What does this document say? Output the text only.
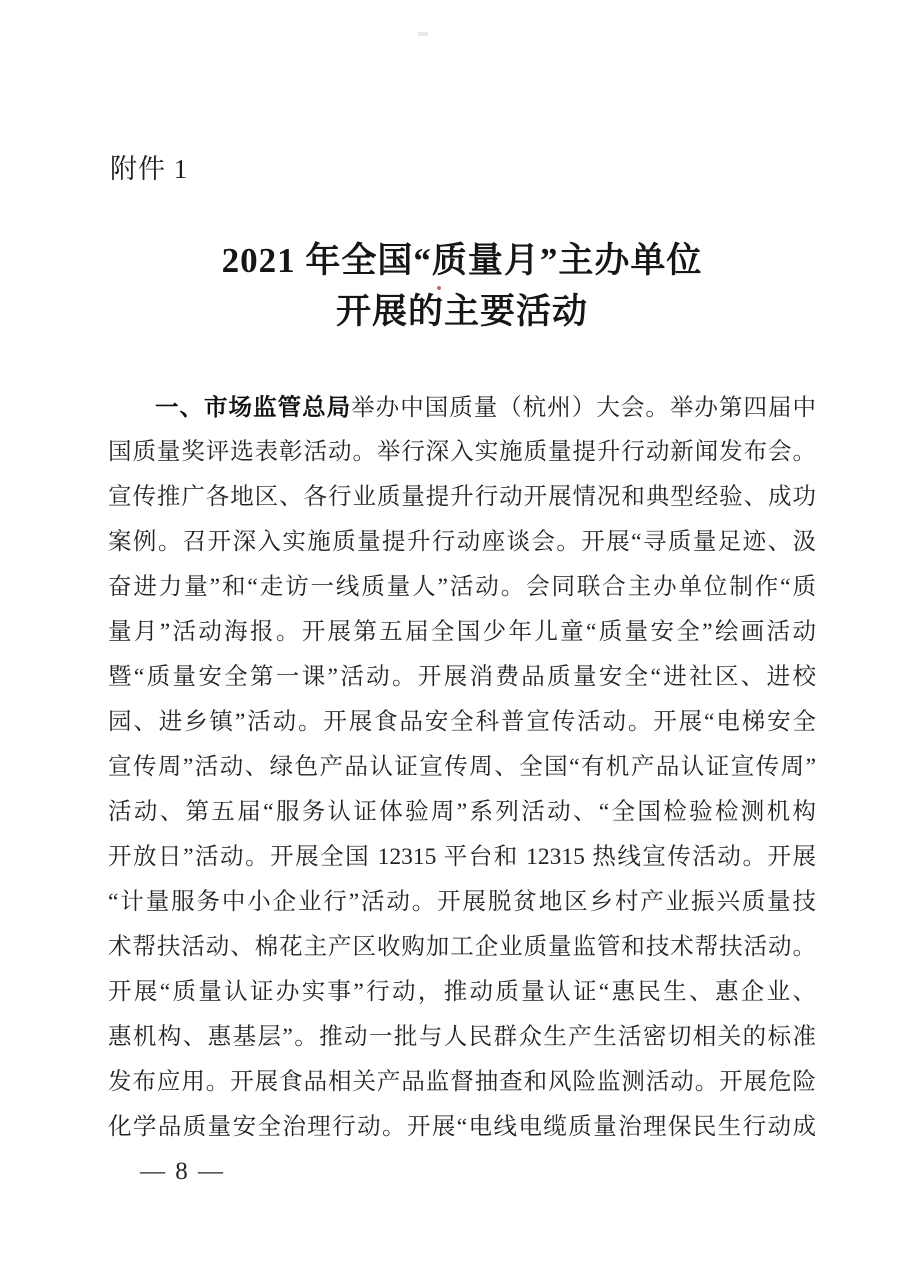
附件 1
2021 年全国“质量月”主办单位
开展的主要活动
一、市场监管总局举办中国质量（杭州）大会。举办第四届中
国质量奖评选表彰活动。举行深入实施质量提升行动新闻发布会。
宣传推广各地区、各行业质量提升行动开展情况和典型经验、成功
案例。召开深入实施质量提升行动座谈会。开展“寻质量足迹、汲
奋进力量”和“走访一线质量人”活动。会同联合主办单位制作“质
量月”活动海报。开展第五届全国少年儿童“质量安全”绘画活动
暨“质量安全第一课”活动。开展消费品质量安全“进社区、进校
园、进乡镇”活动。开展食品安全科普宣传活动。开展“电梯安全
宣传周”活动、绿色产品认证宣传周、全国“有机产品认证宣传周”
活动、第五届“服务认证体验周”系列活动、“全国检验检测机构
开放日”活动。开展全国 12315 平台和 12315 热线宣传活动。开展
“计量服务中小企业行”活动。开展脱贫地区乡村产业振兴质量技
术帮扶活动、棉花主产区收购加工企业质量监管和技术帮扶活动。
开展“质量认证办实事”行动，推动质量认证“惠民生、惠企业、
惠机构、惠基层”。推动一批与人民群众生产生活密切相关的标准
发布应用。开展食品相关产品监督抽查和风险监测活动。开展危险
化学品质量安全治理行动。开展“电线电缆质量治理保民生行动成
— 8 —
